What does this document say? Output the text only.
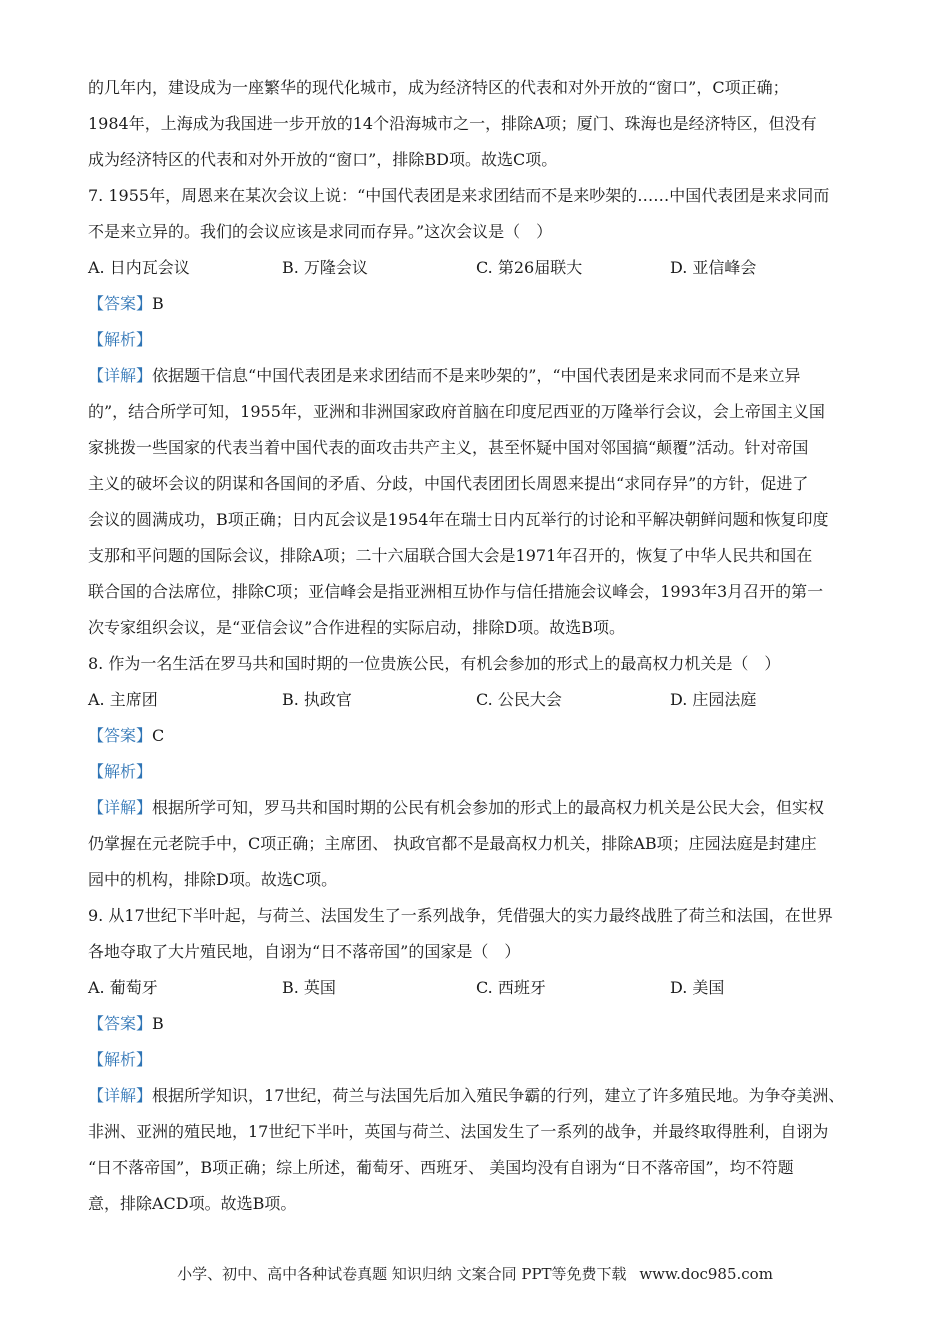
的几年内，建设成为一座繁华的现代化城市，成为经济特区的代表和对外开放的“窗口”，C项正确；

1984年，上海成为我国进一步开放的14个沿海城市之一，排除A项；厦门、珠海也是经济特区，但没有

成为经济特区的代表和对外开放的“窗口”，排除BD项。故选C项。

7. 1955年，周恩来在某次会议上说：“中国代表团是来求团结而不是来吵架的……中国代表团是来求同而

不是来立异的。我们的会议应该是求同而存异。”这次会议是（　）

A. 日内瓦会议	B. 万隆会议	C. 第26届联大	D. 亚信峰会

【答案】B

【解析】

【详解】依据题干信息“中国代表团是来求团结而不是来吵架的”，“中国代表团是来求同而不是来立异

的”，结合所学可知，1955年，亚洲和非洲国家政府首脑在印度尼西亚的万隆举行会议，会上帝国主义国

家挑拨一些国家的代表当着中国代表的面攻击共产主义，甚至怀疑中国对邻国搞“颠覆”活动。针对帝国

主义的破坏会议的阴谋和各国间的矛盾、分歧，中国代表团团长周恩来提出“求同存异”的方针，促进了

会议的圆满成功，B项正确；日内瓦会议是1954年在瑞士日内瓦举行的讨论和平解决朝鲜问题和恢复印度

支那和平问题的国际会议，排除A项；二十六届联合国大会是1971年召开的，恢复了中华人民共和国在

联合国的合法席位，排除C项；亚信峰会是指亚洲相互协作与信任措施会议峰会，1993年3月召开的第一

次专家组织会议，是“亚信会议”合作进程的实际启动，排除D项。故选B项。

8. 作为一名生活在罗马共和国时期的一位贵族公民，有机会参加的形式上的最高权力机关是（　）

A. 主席团	B. 执政官	C. 公民大会	D. 庄园法庭

【答案】C

【解析】

【详解】根据所学可知，罗马共和国时期的公民有机会参加的形式上的最高权力机关是公民大会，但实权

仍掌握在元老院手中，C项正确；主席团、 执政官都不是最高权力机关，排除AB项；庄园法庭是封建庄

园中的机构，排除D项。故选C项。

9. 从17世纪下半叶起，与荷兰、法国发生了一系列战争，凭借强大的实力最终战胜了荷兰和法国，在世界

各地夺取了大片殖民地，自诩为“日不落帝国”的国家是（　）

A. 葡萄牙	B. 英国	C. 西班牙	D. 美国

【答案】B

【解析】

【详解】根据所学知识，17世纪，荷兰与法国先后加入殖民争霸的行列，建立了许多殖民地。为争夺美洲、

非洲、亚洲的殖民地，17世纪下半叶，英国与荷兰、法国发生了一系列的战争，并最终取得胜利，自诩为

“日不落帝国”，B项正确；综上所述，葡萄牙、西班牙、 美国均没有自诩为“日不落帝国”，均不符题

意，排除ACD项。故选B项。

小学、初中、高中各种试卷真题 知识归纳 文案合同 PPT等免费下载 www.doc985.com
